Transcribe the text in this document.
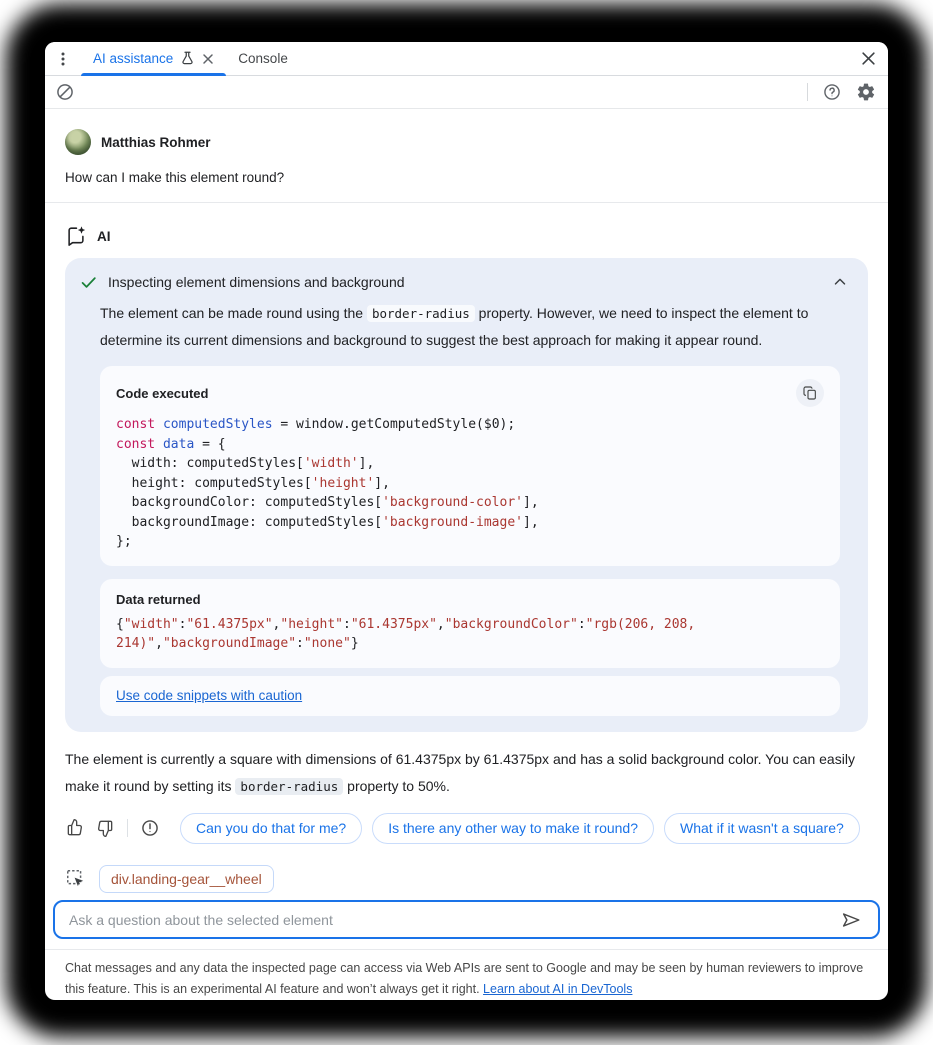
AI assistance	Console
Matthias Rohmer
How can I make this element round?
AI
Inspecting element dimensions and background

The element can be made round using the border-radius property. However, we need to inspect the element to determine its current dimensions and background to suggest the best approach for making it appear round.

Code executed
const computedStyles = window.getComputedStyle($0);
const data = {
width: computedStyles['width'],
height: computedStyles['height'],
backgroundColor: computedStyles['background-color'],
backgroundImage: computedStyles['background-image'],
};
Data returned
{"width":"61.4375px","height":"61.4375px","backgroundColor":"rgb(206, 208, 214)","backgroundImage":"none"}
Use code snippets with caution

The element is currently a square with dimensions of 61.4375px by 61.4375px and has a solid background color. You can easily make it round by setting its border-radius property to 50%.

Can you do that for me?	Is there any other way to make it round?	What if it wasn't a square?
div.landing-gear__wheel
Ask a question about the selected element
Chat messages and any data the inspected page can access via Web APIs are sent to Google and may be seen by human reviewers to improve this feature. This is an experimental AI feature and won’t always get it right. Learn about AI in DevTools
